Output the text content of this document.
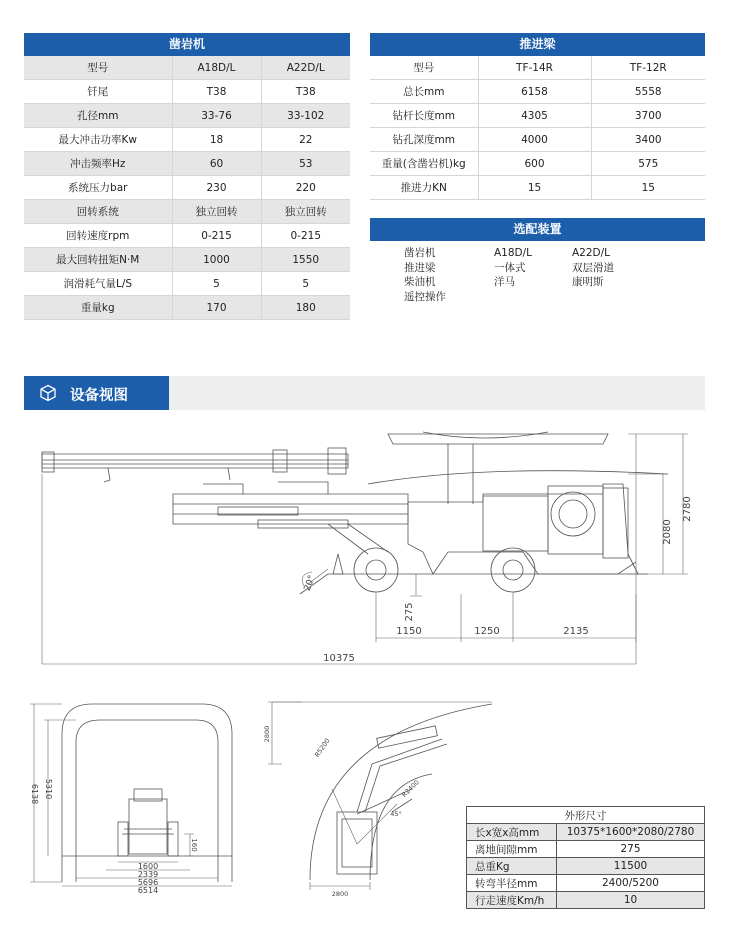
凿岩机
型号	A18D/L	A22D/L
钎尾	T38	T38
孔径mm	33-76	33-102
最大冲击功率Kw	18	22
冲击频率Hz	60	53
系统压力bar	230	220
回转系统	独立回转	独立回转
回转速度rpm	0-215	0-215
最大回转扭矩N·M	1000	1550
润滑耗气量L/S	5	5
重量kg	170	180
推进梁
型号	TF-14R	TF-12R
总长mm	6158	5558
钻杆长度mm	4305	3700
钻孔深度mm	4000	3400
重量(含凿岩机)kg	600	575
推进力KN	15	15
选配装置
凿岩机	A18D/L	A22D/L
推进梁	一体式	双层滑道
柴油机	洋马	康明斯
遥控操作
设备视图
2780
2080
275
20°
1150	1250	2135
10375
6138 5310
160
1600
2339
5696
6514
2800
R5200
R2400
45°
2800
外形尺寸	
长x宽x高mm	10375*1600*2080/2780
离地间隙mm	275
总重Kg	11500
转弯半径mm	2400/5200
行走速度Km/h	10
